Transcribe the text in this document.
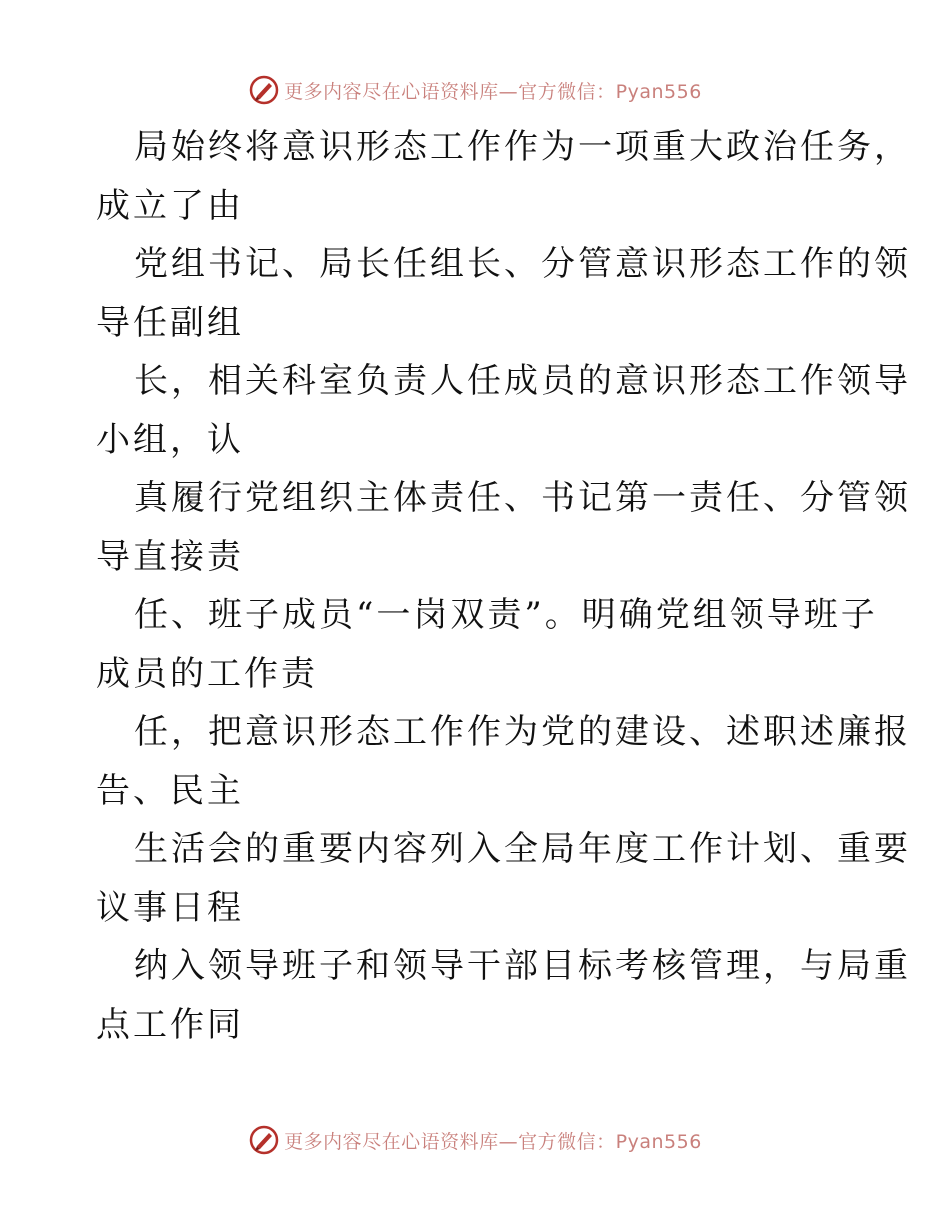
更多内容尽在心语资料库—官方微信：Pyan556
局始终将意识形态工作作为一项重大政治任务，
成立了由
党组书记、局长任组长、分管意识形态工作的领
导任副组
长，相关科室负责人任成员的意识形态工作领导
小组，认
真履行党组织主体责任、书记第一责任、分管领
导直接责
任、班子成员“一岗双责”。明确党组领导班子
成员的工作责
任，把意识形态工作作为党的建设、述职述廉报
告、民主
生活会的重要内容列入全局年度工作计划、重要
议事日程
纳入领导班子和领导干部目标考核管理，与局重
点工作同
更多内容尽在心语资料库—官方微信：Pyan556
